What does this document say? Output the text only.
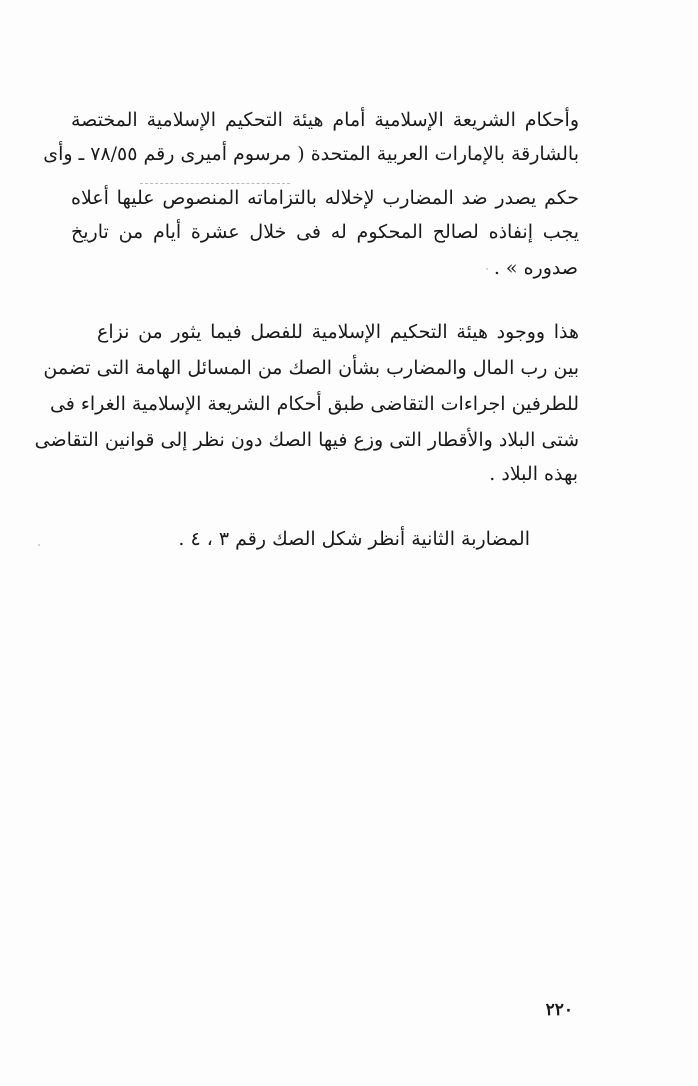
وأحكام الشريعة الإسلامية أمام هيئة التحكيم الإسلامية المختصة
بالشارقة بالإمارات العربية المتحدة ( مرسوم أميرى رقم ٧٨/٥٥ ـ وأى
حكم يصدر ضد المضارب لإخلاله بالتزاماته المنصوص عليها أعلاه
يجب إنفاذه لصالح المحكوم له فى خلال عشرة أيام من تاريخ
صدوره » .
هذا ووجود هيئة التحكيم الإسلامية للفصل فيما يثور من نزاع
بين رب المال والمضارب بشأن الصك من المسائل الهامة التى تضمن
للطرفين اجراءات التقاضى طبق أحكام الشريعة الإسلامية الغراء فى
شتى البلاد والأقطار التى وزع فيها الصك دون نظر إلى قوانين التقاضى
بهذه البلاد .
المضاربة الثانية أنظر شكل الصك رقم ٣ ، ٤ .
٢٢٠
